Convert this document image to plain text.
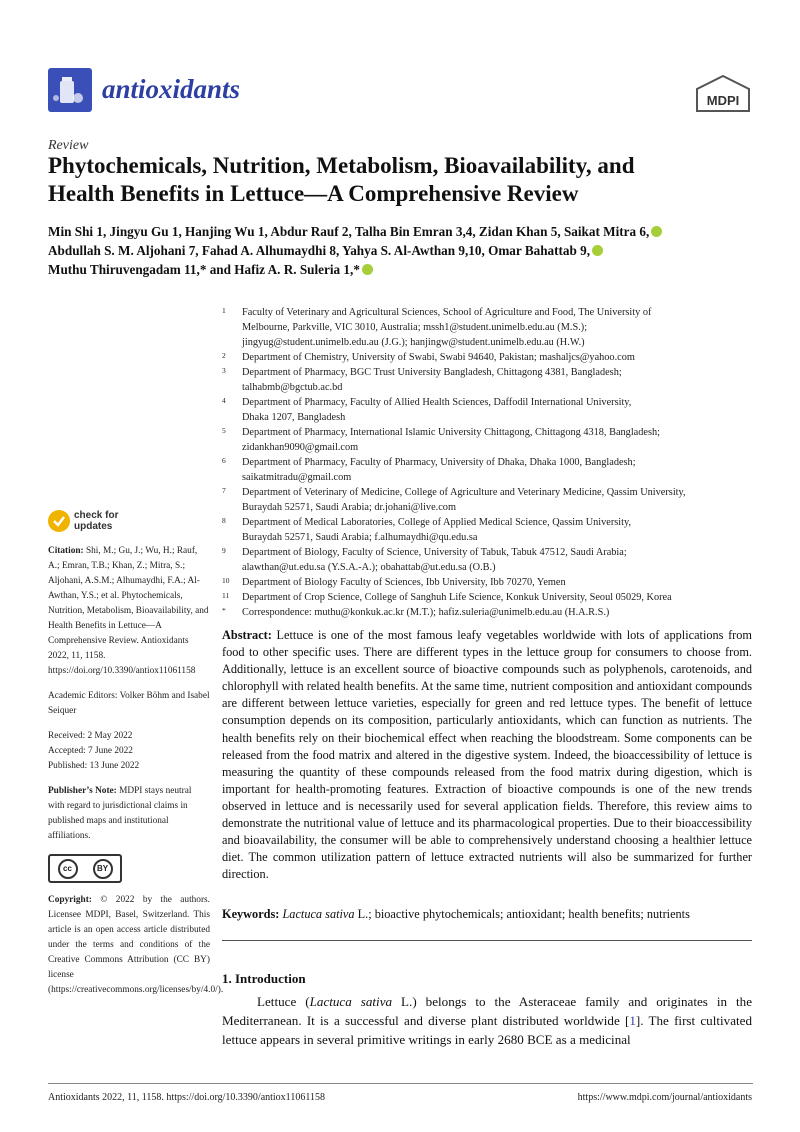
antioxidants	MDPI
Review
Phytochemicals, Nutrition, Metabolism, Bioavailability, and
Health Benefits in Lettuce—A Comprehensive Review
Min Shi 1, Jingyu Gu 1, Hanjing Wu 1, Abdur Rauf 2, Talha Bin Emran 3,4, Zidan Khan 5, Saikat Mitra 6,
Abdullah S. M. Aljohani 7, Fahad A. Alhumaydhi 8, Yahya S. Al-Awthan 9,10, Omar Bahattab 9,
Muthu Thiruvengadam 11,* and Hafiz A. R. Suleria 1,*
1 Faculty of Veterinary and Agricultural Sciences, School of Agriculture and Food, The University of
Melbourne, Parkville, VIC 3010, Australia; mssh1@student.unimelb.edu.au (M.S.);
jingyug@student.unimelb.edu.au (J.G.); hanjingw@student.unimelb.edu.au (H.W.)
2 Department of Chemistry, University of Swabi, Swabi 94640, Pakistan; mashaljcs@yahoo.com
3 Department of Pharmacy, BGC Trust University Bangladesh, Chittagong 4381, Bangladesh;
talhabmb@bgctub.ac.bd
4 Department of Pharmacy, Faculty of Allied Health Sciences, Daffodil International University,
Dhaka 1207, Bangladesh
5 Department of Pharmacy, International Islamic University Chittagong, Chittagong 4318, Bangladesh;
zidankhan9090@gmail.com
6 Department of Pharmacy, Faculty of Pharmacy, University of Dhaka, Dhaka 1000, Bangladesh;
saikatmitradu@gmail.com
7 Department of Veterinary of Medicine, College of Agriculture and Veterinary Medicine, Qassim University,
Buraydah 52571, Saudi Arabia; dr.johani@live.com
8 Department of Medical Laboratories, College of Applied Medical Science, Qassim University,
Buraydah 52571, Saudi Arabia; f.alhumaydhi@qu.edu.sa
9 Department of Biology, Faculty of Science, University of Tabuk, Tabuk 47512, Saudi Arabia;
alawthan@ut.edu.sa (Y.S.A.-A.); obahattab@ut.edu.sa (O.B.)
10 Department of Biology Faculty of Sciences, Ibb University, Ibb 70270, Yemen
11 Department of Crop Science, College of Sanghuh Life Science, Konkuk University, Seoul 05029, Korea
* Correspondence: muthu@konkuk.ac.kr (M.T.); hafiz.suleria@unimelb.edu.au (H.A.R.S.)
check for
updates
Citation: Shi, M.; Gu, J.; Wu, H.; Rauf, A.; Emran, T.B.; Khan, Z.; Mitra, S.; Aljohani, A.S.M.; Alhumaydhi, F.A.; Al-Awthan, Y.S.; et al. Phytochemicals, Nutrition, Metabolism, Bioavailability, and Health Benefits in Lettuce—A Comprehensive Review. Antioxidants 2022, 11, 1158. https://doi.org/10.3390/antiox11061158
Academic Editors: Volker Böhm and Isabel Seiquer
Received: 2 May 2022
Accepted: 7 June 2022
Published: 13 June 2022
Publisher’s Note: MDPI stays neutral with regard to jurisdictional claims in published maps and institutional affiliations.
cc	BY
Copyright: © 2022 by the authors. Licensee MDPI, Basel, Switzerland. This article is an open access article distributed under the terms and conditions of the Creative Commons Attribution (CC BY) license (https://creativecommons.org/licenses/by/4.0/).
Abstract: Lettuce is one of the most famous leafy vegetables worldwide with lots of applications from food to other specific uses. There are different types in the lettuce group for consumers to choose from. Additionally, lettuce is an excellent source of bioactive compounds such as polyphenols, carotenoids, and chlorophyll with related health benefits. At the same time, nutrient composition and antioxidant compounds are different between lettuce varieties, especially for green and red lettuce types. The benefit of lettuce consumption depends on its composition, particularly antioxidants, which can function as nutrients. The health benefits rely on their biochemical effect when reaching the bloodstream. Some components can be released from the food matrix and altered in the digestive system. Indeed, the bioaccessibility of lettuce is measuring the quantity of these compounds released from the food matrix during digestion, which is important for health-promoting features. Extraction of bioactive compounds is one of the new trends observed in lettuce and is necessarily used for several application fields. Therefore, this review aims to demonstrate the nutritional value of lettuce and its pharmacological properties. Due to their bioaccessibility and bioavailability, the consumer will be able to comprehensively understand choosing a healthier lettuce diet. The common utilization pattern of lettuce extracted nutrients will also be summarized for further direction.
Keywords: Lactuca sativa L.; bioactive phytochemicals; antioxidant; health benefits; nutrients
1. Introduction

Lettuce (Lactuca sativa L.) belongs to the Asteraceae family and originates in the Mediterranean. It is a successful and diverse plant distributed worldwide [1]. The first cultivated lettuce appears in several primitive writings in early 2680 BCE as a medicinal

Antioxidants 2022, 11, 1158. https://doi.org/10.3390/antiox11061158	https://www.mdpi.com/journal/antioxidants
